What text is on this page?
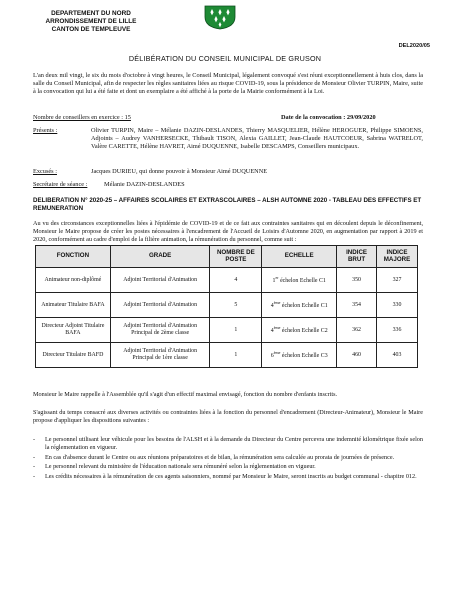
DEPARTEMENT DU NORD
ARRONDISSEMENT DE LILLE
CANTON DE TEMPLEUVE
DEL2020/05
DÉLIBÉRATION DU CONSEIL MUNICIPAL DE GRUSON
L'an deux mil vingt, le six du mois d'octobre à vingt heures, le Conseil Municipal, légalement convoqué s'est réuni exceptionnellement à huis clos, dans la salle du Conseil Municipal, afin de respecter les règles sanitaires liées au risque COVID-19, sous la présidence de Monsieur Olivier TURPIN, Maire, suite à la convocation qui lui a été faite et dont un exemplaire a été affiché à la porte de la Mairie conformément à la Loi.
Nombre de conseillers en exercice : 15	Date de la convocation : 29/09/2020
Présents :	Olivier TURPIN, Maire – Mélanie DAZIN-DESLANDES, Thierry MASQUELIER, Hélène HEROGUER, Philippe SIMOENS, Adjoints – Audrey VANHERSECKE, Thibault TISON, Alexia GAILLET, Jean-Claude HAUTCOEUR, Sabrina WATRELOT, Valère CARETTE, Hélène HAVRET, Aimé DUQUENNE, Isabelle DESCAMPS, Conseillers municipaux.
Excusés :	Jacques DURIEU, qui donne pouvoir à Monsieur Aimé DUQUENNE
Secrétaire de séance :	Mélanie DAZIN-DESLANDES
DELIBERATION N° 2020-25 – AFFAIRES SCOLAIRES ET EXTRASCOLAIRES – ALSH AUTOMNE 2020 - TABLEAU DES EFFECTIFS ET REMUNERATION
Au vu des circonstances exceptionnelles liées à l'épidémie de COVID-19 et de ce fait aux contraintes sanitaires qui en découlent depuis le déconfinement, Monsieur le Maire propose de créer les postes nécessaires à l'encadrement de l'Accueil de Loisirs d'Automne 2020, en augmentation par rapport à 2019 et 2020, conformément au cadre d'emploi de la filière animation, la rémunération du personnel, comme suit :
FONCTION	GRADE	NOMBRE DE POSTE	ECHELLE	INDICE BRUT	INDICE MAJORE
Animateur non-diplômé	Adjoint Territorial d'Animation	4	1er échelon Echelle C1	350	327
Animateur Titulaire BAFA	Adjoint Territorial d'Animation	5	4ème échelon Echelle C1	354	330
Directeur Adjoint Titulaire BAFA	Adjoint Territorial d'Animation Principal de 2ème classe	1	4ème échelon Echelle C2	362	336
Directeur Titulaire BAFD	Adjoint Territorial d'Animation Principal de 1ère classe	1	6ème échelon Echelle C3	460	403
Monsieur le Maire rappelle à l'Assemblée qu'il s'agit d'un effectif maximal envisagé, fonction du nombre d'enfants inscrits.
S'agissant du temps consacré aux diverses activités ou contraintes liées à la fonction du personnel d'encadrement (Directeur-Animateur), Monsieur le Maire propose d'appliquer les dispositions suivantes :
- Le personnel utilisant leur véhicule pour les besoins de l'ALSH et à la demande du Directeur du Centre percevra une indemnité kilométrique fixée selon la réglementation en vigueur.
- En cas d'absence durant le Centre ou aux réunions préparatoires et de bilan, la rémunération sera calculée au prorata de journées de présence.
- Le personnel relevant du ministère de l'éducation nationale sera rémunéré selon la réglementation en vigueur.
- Les crédits nécessaires à la rémunération de ces agents saisonniers, nommé par Monsieur le Maire, seront inscrits au budget communal - chapitre 012.
